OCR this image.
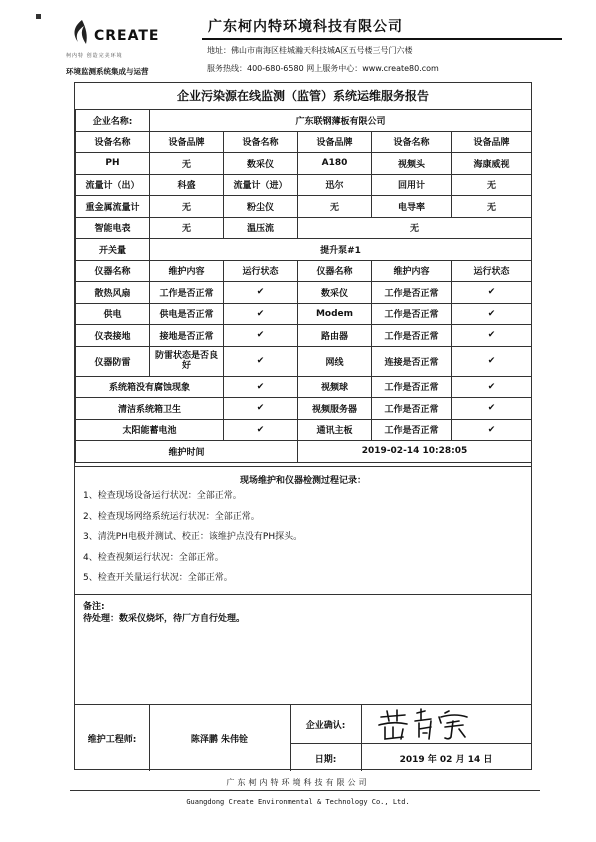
CREATE
柯内特 创造完美环境
环境监测系统集成与运营
广东柯内特环境科技有限公司
地址：佛山市南海区桂城瀚天科技城A区五号楼三号门六楼
服务热线：400-680-6580 网上服务中心：www.create80.com
企业污染源在线监测（监管）系统运维服务报告
企业名称:	广东联钢薄板有限公司				
设备名称	设备品牌	设备名称	设备品牌	设备名称	设备品牌
PH	无	数采仪	A180	视频头	海康威视
流量计（出）	科盛	流量计（进）	迅尔	回用计	无
重金属流量计	无	粉尘仪	无	电导率	无
智能电表	无	温压流	无		
开关量	提升泵#1				
仪器名称	维护内容	运行状态	仪器名称	维护内容	运行状态
散热风扇	工作是否正常	✔	数采仪	工作是否正常	✔
供电	供电是否正常	✔	Modem	工作是否正常	✔
仪表接地	接地是否正常	✔	路由器	工作是否正常	✔
仪器防雷	防雷状态是否良好	✔	网线	连接是否正常	✔
系统箱没有腐蚀现象		✔	视频球	工作是否正常	✔
清洁系统箱卫生		✔	视频服务器	工作是否正常	✔
太阳能蓄电池		✔	通讯主板	工作是否正常	✔
维护时间			2019-02-14 10:28:05		
现场维护和仪器检测过程记录：
1、检查现场设备运行状况：全部正常。
2、检查现场网络系统运行状况：全部正常。
3、清洗PH电极并测试、校正：该维护点没有PH探头。
4、检查视频运行状况：全部正常。
5、检查开关量运行状况：全部正常。
备注:
待处理：数采仪烧坏，待厂方自行处理。
维护工程师:	陈泽鹏 朱伟铨
企业确认:
日期:	2019 年 02 月 14 日
广东柯内特环境科技有限公司
Guangdong Create Environmental & Technology Co., Ltd.
